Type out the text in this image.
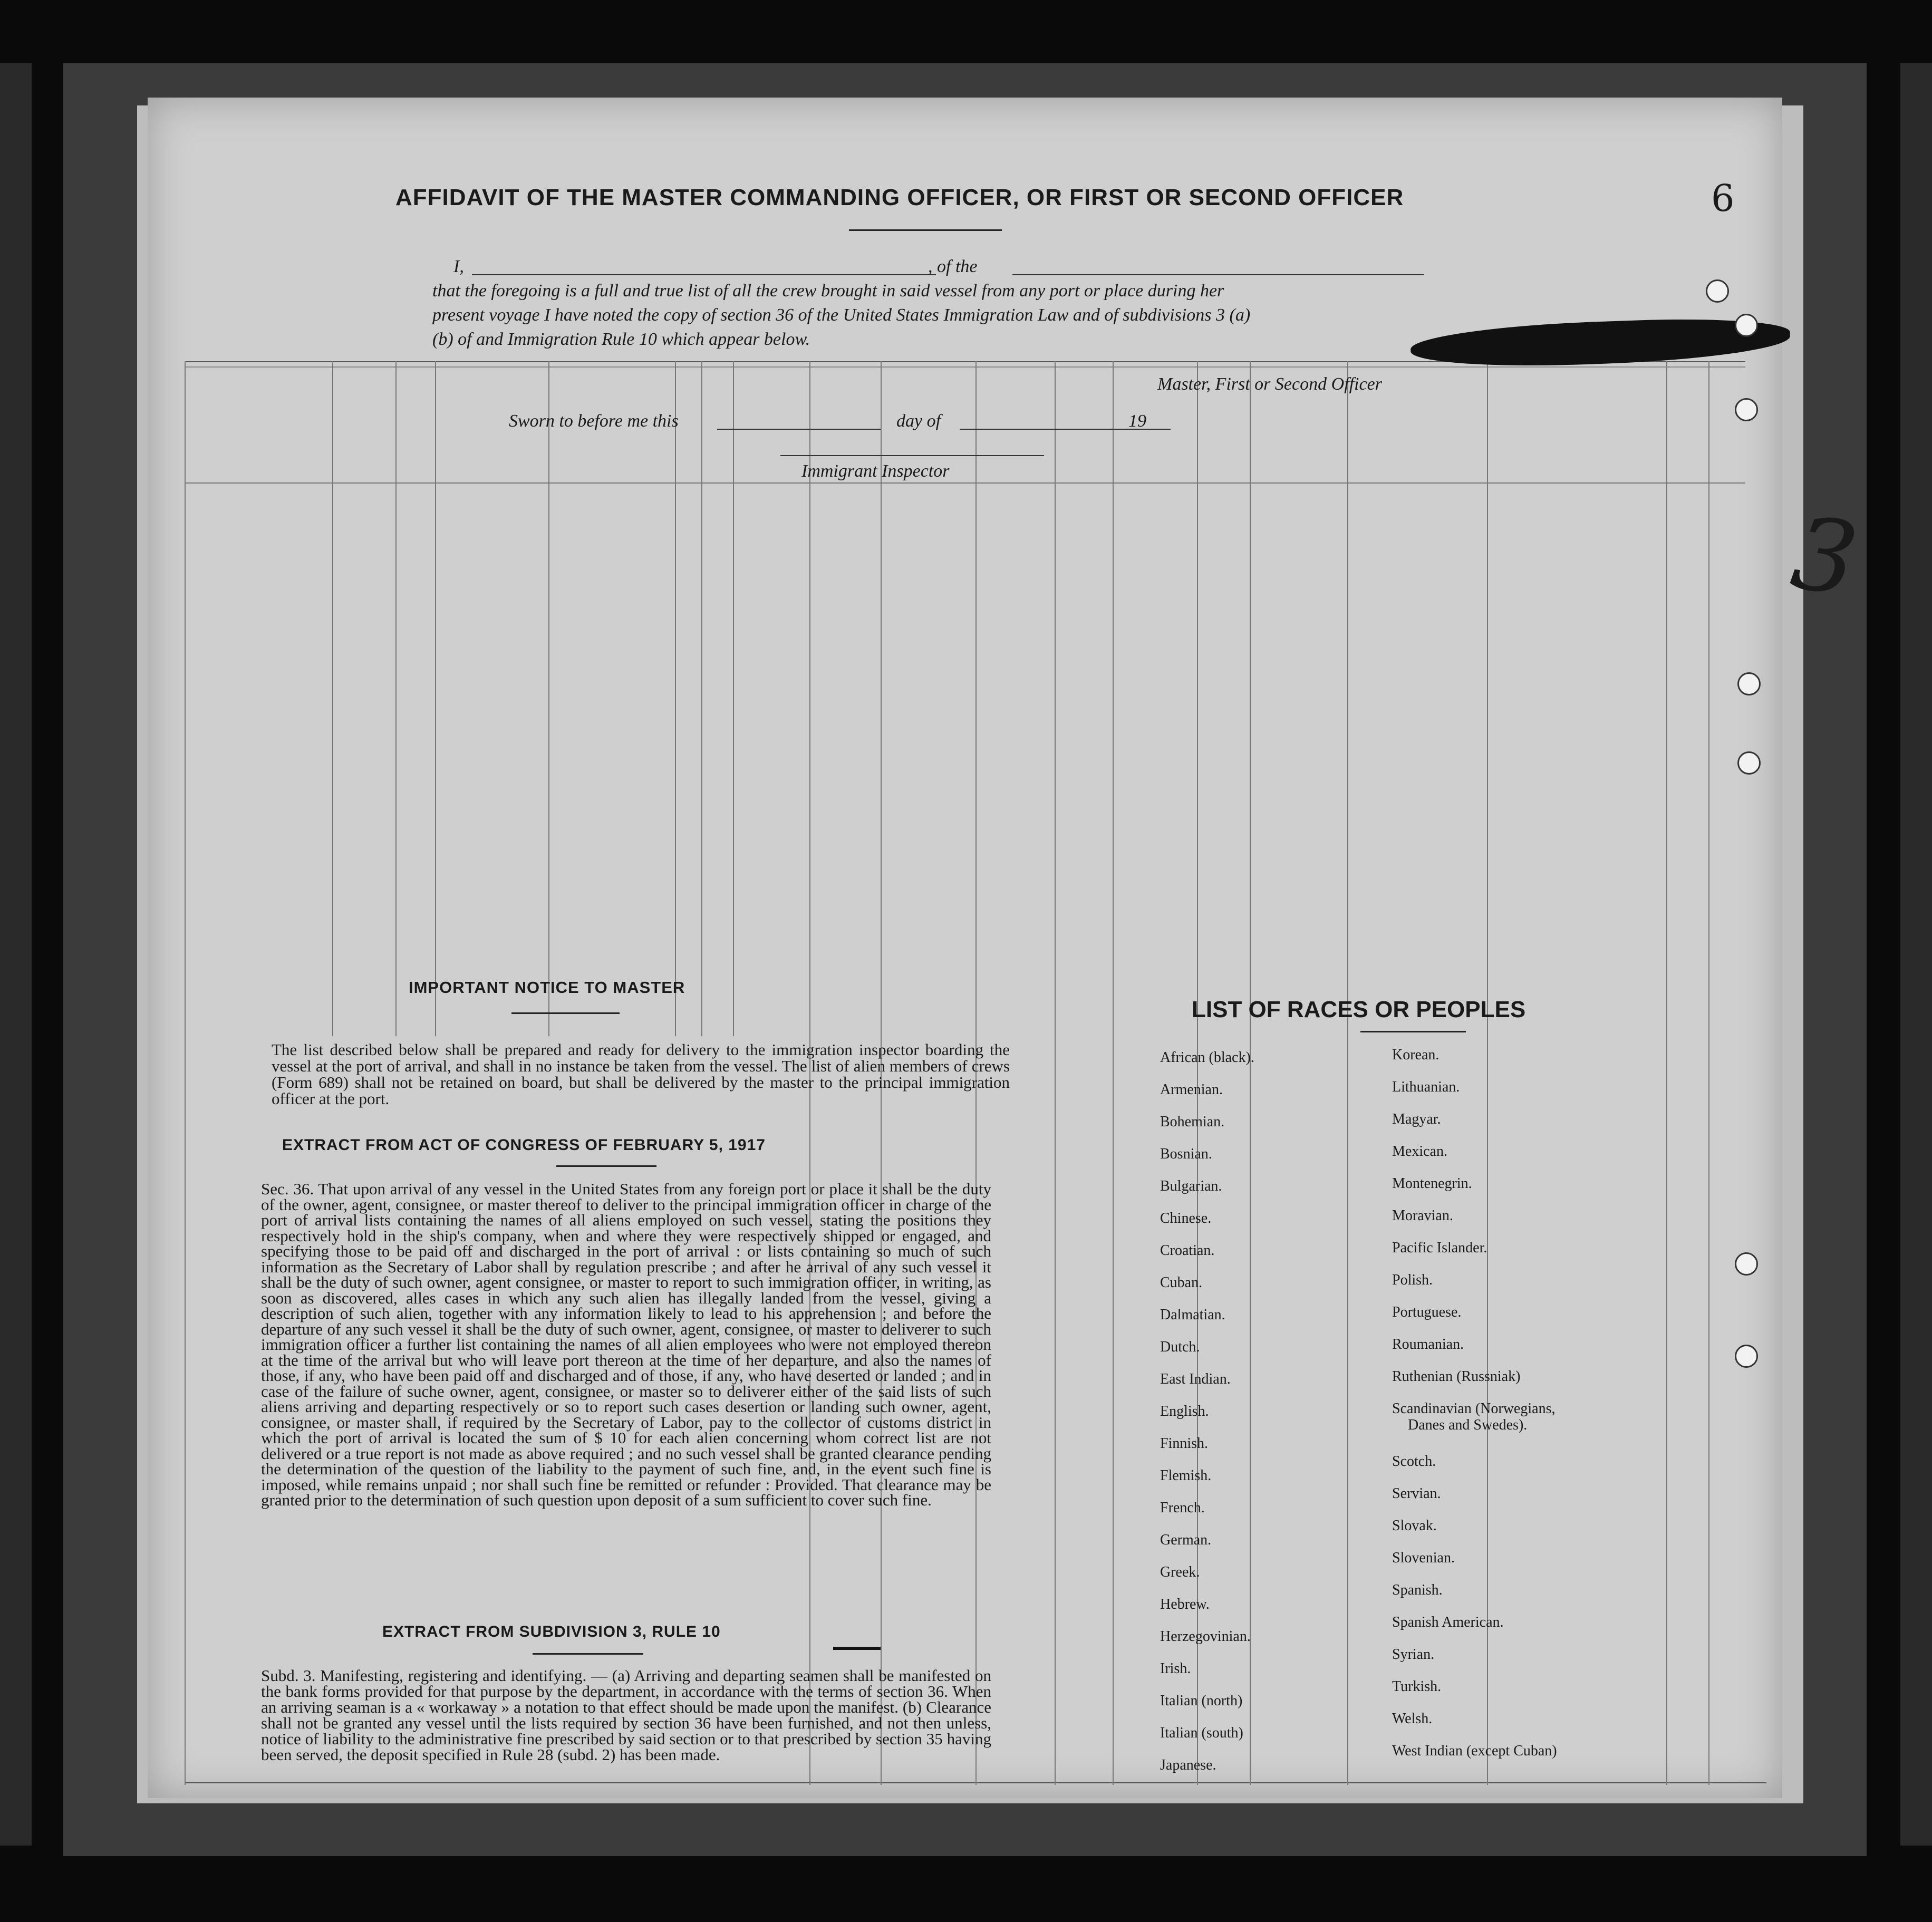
AFFIDAVIT OF THE MASTER COMMANDING OFFICER, OR FIRST OR SECOND OFFICER
I,	, of the
that the foregoing is a full and true list of all the crew brought in said vessel from any port or place during her
present voyage I have noted the copy of section 36 of the United States Immigration Law and of subdivisions 3 (a)
(b) of and Immigration Rule 10 which appear below.
Master, First or Second Officer
Sworn to before me this	day of	19
Immigrant Inspector
IMPORTANT NOTICE TO MASTER
The list described below shall be prepared and ready for delivery to the immigration inspector boarding the vessel at the port of arrival, and shall in no instance be taken from the vessel. The list of alien members of crews (Form 689) shall not be retained on board, but shall be delivered by the master to the principal immigration officer at the port.
EXTRACT FROM ACT OF CONGRESS OF FEBRUARY 5, 1917
Sec. 36. That upon arrival of any vessel in the United States from any foreign port or place it shall be the duty of the owner, agent, consignee, or master thereof to deliver to the principal immigration officer in charge of the port of arrival lists containing the names of all aliens employed on such vessel, stating the positions they respectively hold in the ship's company, when and where they were respectively shipped or engaged, and specifying those to be paid off and discharged in the port of arrival : or lists containing so much of such information as the Secretary of Labor shall by regulation prescribe ; and after he arrival of any such vessel it shall be the duty of such owner, agent consignee, or master to report to such immigration officer, in writing, as soon as discovered, alles cases in which any such alien has illegally landed from the vessel, giving a description of such alien, together with any information likely to lead to his apprehension ; and before the departure of any such vessel it shall be the duty of such owner, agent, consignee, or master to deliverer to such immigration officer a further list containing the names of all alien employees who were not employed thereon at the time of the arrival but who will leave port thereon at the time of her departure, and also the names of those, if any, who have been paid off and discharged and of those, if any, who have deserted or landed ; and in case of the failure of suche owner, agent, consignee, or master so to deliverer either of the said lists of such aliens arriving and departing respectively or so to report such cases desertion or landing such owner, agent, consignee, or master shall, if required by the Secretary of Labor, pay to the collector of customs district in which the port of arrival is located the sum of $ 10 for each alien concerning whom correct list are not delivered or a true report is not made as above required ; and no such vessel shall be granted clearance pending the determination of the question of the liability to the payment of such fine, and, in the event such fine is imposed, while remains unpaid ; nor shall such fine be remitted or refunder : Provided. That clearance may be granted prior to the determination of such question upon deposit of a sum sufficient to cover such fine.
EXTRACT FROM SUBDIVISION 3, RULE 10
Subd. 3. Manifesting, registering and identifying. — (a) Arriving and departing seamen shall be manifested on the bank forms provided for that purpose by the department, in accordance with the terms of section 36. When an arriving seaman is a « workaway » a notation to that effect should be made upon the manifest. (b) Clearance shall not be granted any vessel until the lists required by section 36 have been furnished, and not then unless, notice of liability to the administrative fine prescribed by said section or to that prescribed by section 35 having been served, the deposit specified in Rule 28 (subd. 2) has been made.
LIST OF RACES OR PEOPLES
African (black).
Armenian.
Bohemian.
Bosnian.
Bulgarian.
Chinese.
Croatian.
Cuban.
Dalmatian.
Dutch.
East Indian.
English.
Finnish.
Flemish.
French.
German.
Greek.
Hebrew.
Herzegovinian.
Irish.
Italian (north)
Italian (south)
Japanese.
Korean.
Lithuanian.
Magyar.
Mexican.
Montenegrin.
Moravian.
Pacific Islander.
Polish.
Portuguese.
Roumanian.
Ruthenian (Russniak)
Scandinavian (Norwegians,
Danes and Swedes).
Scotch.
Servian.
Slovak.
Slovenian.
Spanish.
Spanish American.
Syrian.
Turkish.
Welsh.
West Indian (except Cuban)
6
3
